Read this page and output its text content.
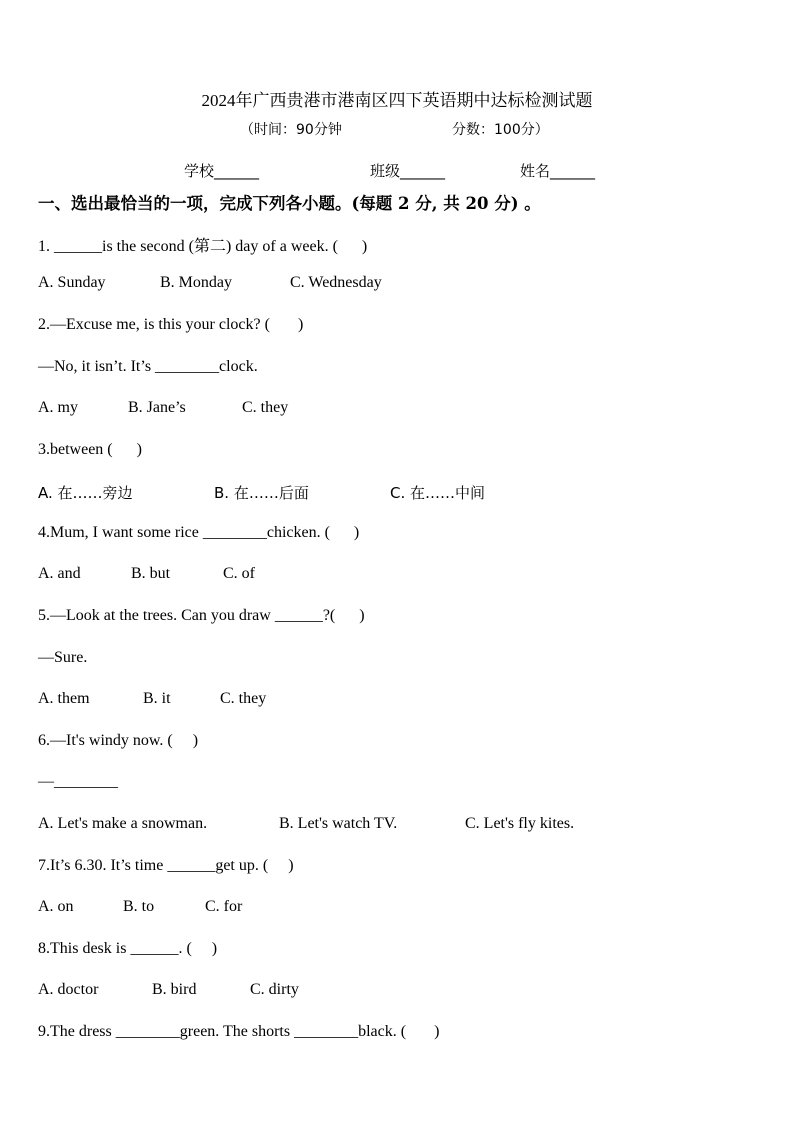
2024年广西贵港市港南区四下英语期中达标检测试题
（时间：90分钟	分数：100分）
学校______	班级______	姓名______
一、选出最恰当的一项，完成下列各小题。(每题 2 分, 共 20 分) 。
1. ______is the second (第二) day of a week. (      )
A. Sunday	B. Monday	C. Wednesday
2.—Excuse me, is this your clock? (       )
—No, it isn’t. It’s ________clock.
A. my	B. Jane’s	C. they
3.between (      )
A. 在……旁边	B. 在……后面	C. 在……中间
4.Mum, I want some rice ________chicken. (      )
A. and	B. but	C. of
5.—Look at the trees. Can you draw ______?(      )
—Sure.
A. them	B. it	C. they
6.—It's windy now. (     )
—________
A. Let's make a snowman.	B. Let's watch TV.	C. Let's fly kites.
7.It’s 6.30. It’s time ______get up. (     )
A. on	B. to	C. for
8.This desk is ______. (     )
A. doctor	B. bird	C. dirty
9.The dress ________green. The shorts ________black. (       )
